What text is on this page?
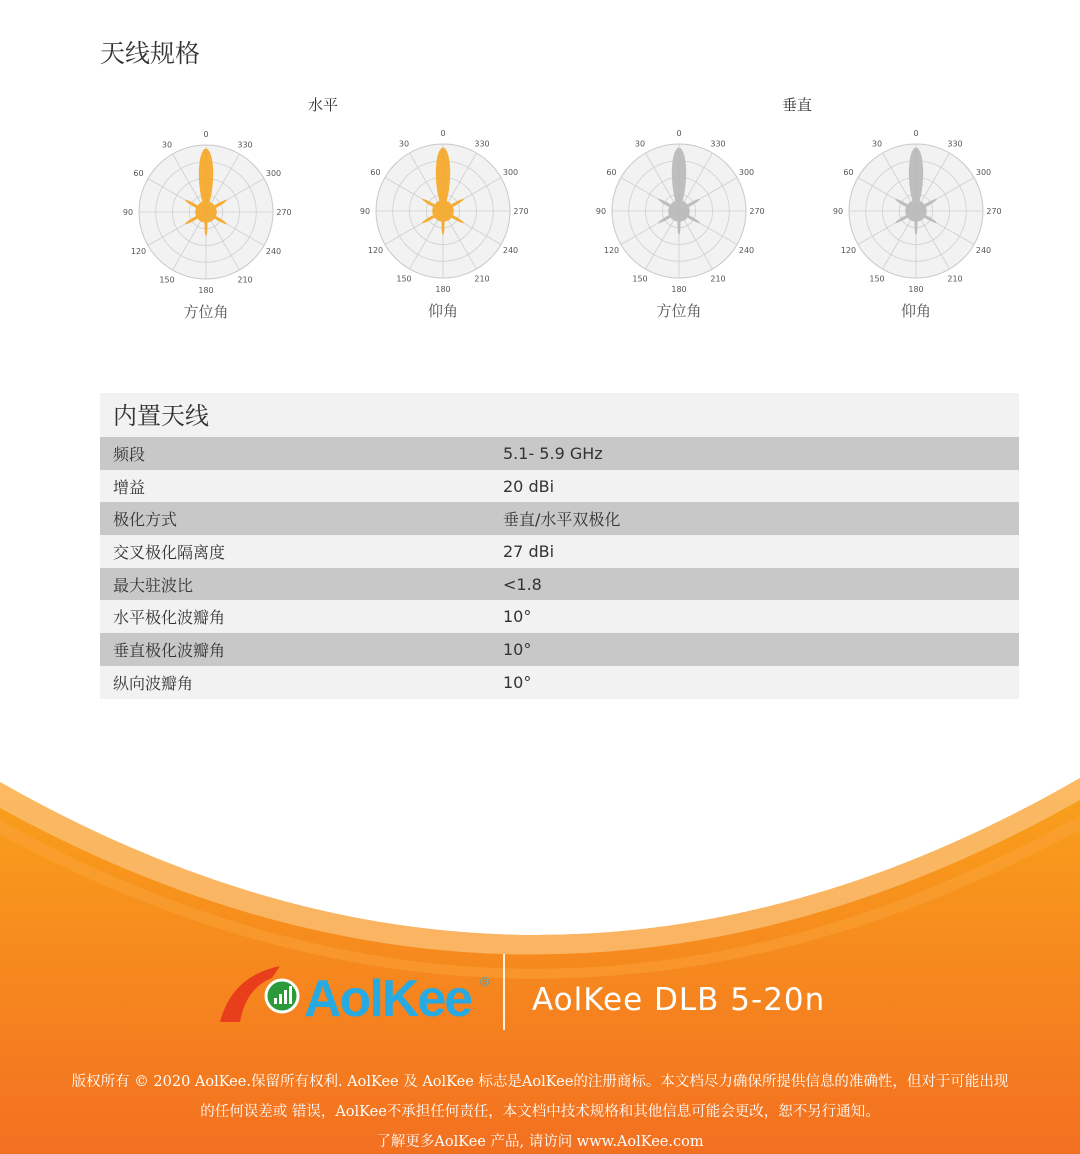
天线规格
水平	垂直
0
330
300
270
240
210
180
150
120
90
60
30
0
330
300
270
240
210
180
150
120
90
60
30
0
330
300
270
240
210
180
150
120
90
60
30
0
330
300
270
240
210
180
150
120
90
60
30
方位角	仰角	方位角	仰角
内置天线
频段	5.1- 5.9 GHz
增益	20 dBi
极化方式	垂直/水平双极化
交叉极化隔离度	27 dBi
最大驻波比	<1.8
水平极化波瓣角	10°
垂直极化波瓣角	10°
纵向波瓣角	10°
AolKee ®
AolKee DLB 5-20n
版权所有 © 2020 AolKee.保留所有权利. AolKee 及 AolKee 标志是AolKee的注册商标。本文档尽力确保所提供信息的准确性，但对于可能出现
的任何误差或 错误，AolKee不承担任何责任，本文档中技术规格和其他信息可能会更改，恕不另行通知。
了解更多AolKee 产品, 请访问 www.AolKee.com
